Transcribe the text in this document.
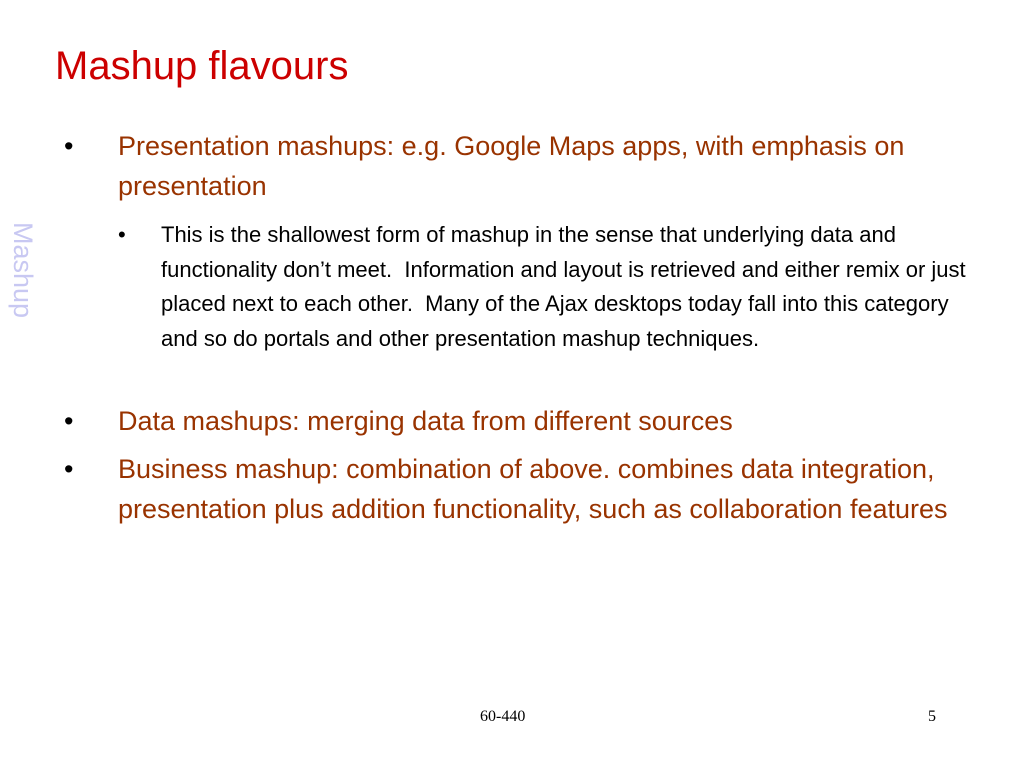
Mashup flavours
Mashup
•	Presentation mashups: e.g. Google Maps apps, with emphasis on presentation
•	This is the shallowest form of mashup in the sense that underlying data and functionality don’t meet.  Information and layout is retrieved and either remix or just placed next to each other.  Many of the Ajax desktops today fall into this category and so do portals and other presentation mashup techniques.
•	Data mashups: merging data from different sources
•	Business mashup: combination of above. combines data integration, presentation plus addition functionality, such as collaboration features
60-440	5
